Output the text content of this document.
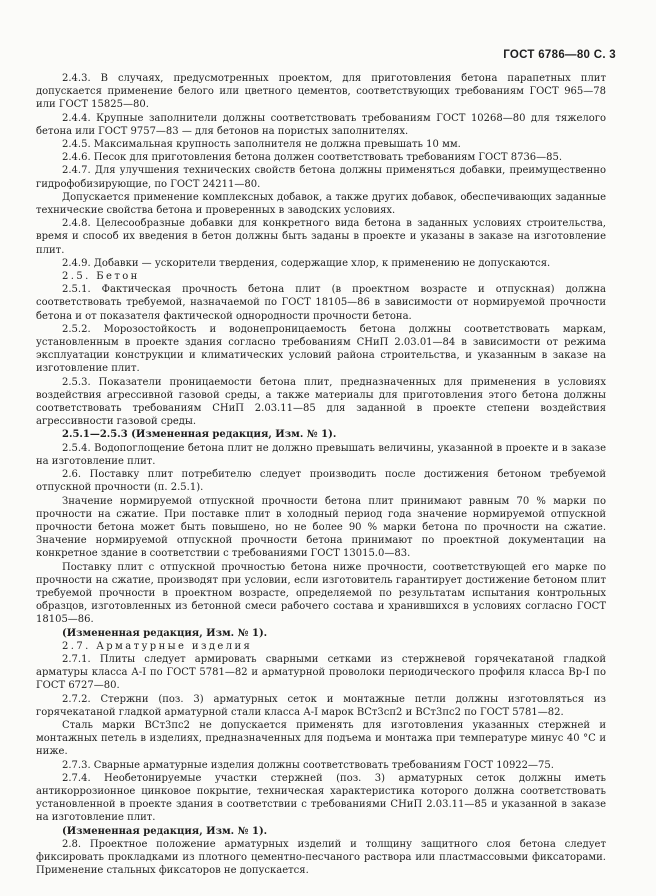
ГОСТ 6786—80 С. 3

2.4.3. В случаях, предусмотренных проектом, для приготовления бетона парапетных плит допускается применение белого или цветного цементов, соответствующих требованиям ГОСТ 965—78 или ГОСТ 15825—80.

2.4.4. Крупные заполнители должны соответствовать требованиям ГОСТ 10268—80 для тяжелого бетона или ГОСТ 9757—83 — для бетонов на пористых заполнителях.

2.4.5. Максимальная крупность заполнителя не должна превышать 10 мм.

2.4.6. Песок для приготовления бетона должен соответствовать требованиям ГОСТ 8736—85.

2.4.7. Для улучшения технических свойств бетона должны применяться добавки, преимущественно гидрофобизирующие, по ГОСТ 24211—80.

Допускается применение комплексных добавок, а также других добавок, обеспечивающих заданные технические свойства бетона и проверенных в заводских условиях.

2.4.8. Целесообразные добавки для конкретного вида бетона в заданных условиях строительства, время и способ их введения в бетон должны быть заданы в проекте и указаны в заказе на изготовление плит.

2.4.9. Добавки — ускорители твердения, содержащие хлор, к применению не допускаются.

2.5. Бетон

2.5.1. Фактическая прочность бетона плит (в проектном возрасте и отпускная) должна соответствовать требуемой, назначаемой по ГОСТ 18105—86 в зависимости от нормируемой прочности бетона и от показателя фактической однородности прочности бетона.

2.5.2. Морозостойкость и водонепроницаемость бетона должны соответствовать маркам, установленным в проекте здания согласно требованиям СНиП 2.03.01—84 в зависимости от режима эксплуатации конструкции и климатических условий района строительства, и указанным в заказе на изготовление плит.

2.5.3. Показатели проницаемости бетона плит, предназначенных для применения в условиях воздействия агрессивной газовой среды, а также материалы для приготовления этого бетона должны соответствовать требованиям СНиП 2.03.11—85 для заданной в проекте степени воздействия агрессивности газовой среды.

2.5.1—2.5.3 (Измененная редакция, Изм. № 1).

2.5.4. Водопоглощение бетона плит не должно превышать величины, указанной в проекте и в заказе на изготовление плит.

2.6. Поставку плит потребителю следует производить после достижения бетоном требуемой отпускной прочности (п. 2.5.1).

Значение нормируемой отпускной прочности бетона плит принимают равным 70 % марки по прочности на сжатие. При поставке плит в холодный период года значение нормируемой отпускной прочности бетона может быть повышено, но не более 90 % марки бетона по прочности на сжатие. Значение нормируемой отпускной прочности бетона принимают по проектной документации на конкретное здание в соответствии с требованиями ГОСТ 13015.0—83.

Поставку плит с отпускной прочностью бетона ниже прочности, соответствующей его марке по прочности на сжатие, производят при условии, если изготовитель гарантирует достижение бетоном плит требуемой прочности в проектном возрасте, определяемой по результатам испытания контрольных образцов, изготовленных из бетонной смеси рабочего состава и хранившихся в условиях согласно ГОСТ 18105—86.

(Измененная редакция, Изм. № 1).

2.7. Арматурные изделия

2.7.1. Плиты следует армировать сварными сетками из стержневой горячекатаной гладкой арматуры класса А-I по ГОСТ 5781—82 и арматурной проволоки периодического профиля класса Вр-I по ГОСТ 6727—80.

2.7.2. Стержни (поз. 3) арматурных сеток и монтажные петли должны изготовляться из горячекатаной гладкой арматурной стали класса А-I марок ВСт3сп2 и ВСт3пс2 по ГОСТ 5781—82.

Сталь марки ВСт3пс2 не допускается применять для изготовления указанных стержней и монтажных петель в изделиях, предназначенных для подъема и монтажа при температуре минус 40 °С и ниже.

2.7.3. Сварные арматурные изделия должны соответствовать требованиям ГОСТ 10922—75.

2.7.4. Необетонируемые участки стержней (поз. 3) арматурных сеток должны иметь антикоррозионное цинковое покрытие, техническая характеристика которого должна соответствовать установленной в проекте здания в соответствии с требованиями СНиП 2.03.11—85 и указанной в заказе на изготовление плит.

(Измененная редакция, Изм. № 1).

2.8. Проектное положение арматурных изделий и толщину защитного слоя бетона следует фиксировать прокладками из плотного цементно-песчаного раствора или пластмассовыми фиксаторами. Применение стальных фиксаторов не допускается.
